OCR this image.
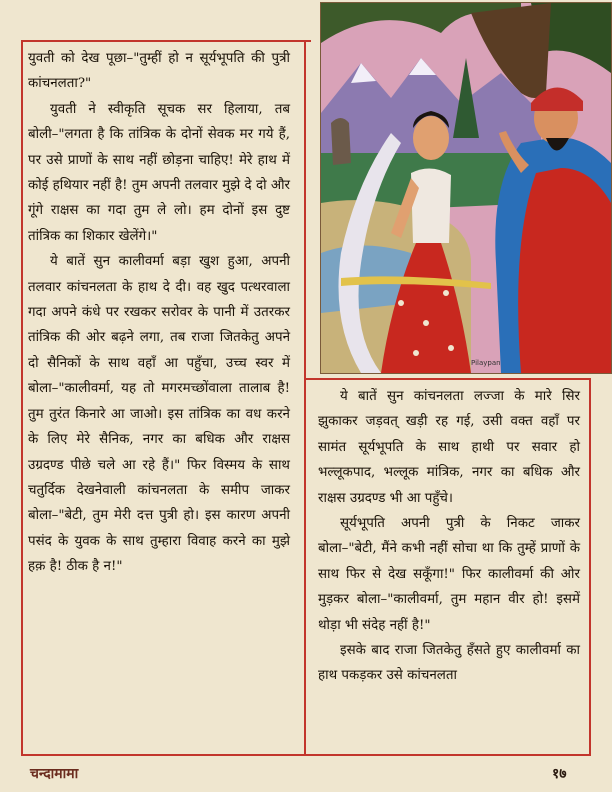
युवती को देख पूछा–"तुम्हीं हो न सूर्यभूपति की पुत्री कांचनलता?"

युवती ने स्वीकृति सूचक सर हिलाया, तब बोली–"लगता है कि तांत्रिक के दोनों सेवक मर गये हैं, पर उसे प्राणों के साथ नहीं छोड़ना चाहिए! मेरे हाथ में कोई हथियार नहीं है! तुम अपनी तलवार मुझे दे दो और गूंगे राक्षस का गदा तुम ले लो। हम दोनों इस दुष्ट तांत्रिक का शिकार खेलेंगे।"

ये बातें सुन कालीवर्मा बड़ा खुश हुआ, अपनी तलवार कांचनलता के हाथ दे दी। वह खुद पत्थरवाला गदा अपने कंधे पर रखकर सरोवर के पानी में उतरकर तांत्रिक की ओर बढ़ने लगा, तब राजा जितकेतु अपने दो सैनिकों के साथ वहाँ आ पहुँचा, उच्च स्वर में बोला–"कालीवर्मा, यह तो मगरमच्छोंवाला तालाब है! तुम तुरंत किनारे आ जाओ। इस तांत्रिक का वध करने के लिए मेरे सैनिक, नगर का बधिक और राक्षस उग्रदण्ड पीछे चले आ रहे हैं।" फिर विस्मय के साथ चतुर्दिक देखनेवाली कांचनलता के समीप जाकर बोला–"बेटी, तुम मेरी दत्त पुत्री हो। इस कारण अपनी पसंद के युवक के साथ तुम्हारा विवाह करने का मुझे हक़ है! ठीक है न!"

Pilaypan

ये बातें सुन कांचनलता लज्जा के मारे सिर झुकाकर जड़वत् खड़ी रह गई, उसी वक्त वहाँ पर सामंत सूर्यभूपति के साथ हाथी पर सवार हो भल्लूकपाद, भल्लूक मांत्रिक, नगर का बधिक और राक्षस उग्रदण्ड भी आ पहुँचे।

सूर्यभूपति अपनी पुत्री के निकट जाकर बोला–"बेटी, मैंने कभी नहीं सोचा था कि तुम्हें प्राणों के साथ फिर से देख सकूँगा!" फिर कालीवर्मा की ओर मुड़कर बोला–"कालीवर्मा, तुम महान वीर हो! इसमें थोड़ा भी संदेह नहीं है!"

इसके बाद राजा जितकेतु हँसते हुए कालीवर्मा का हाथ पकड़कर उसे कांचनलता

चन्दामामा	१७
